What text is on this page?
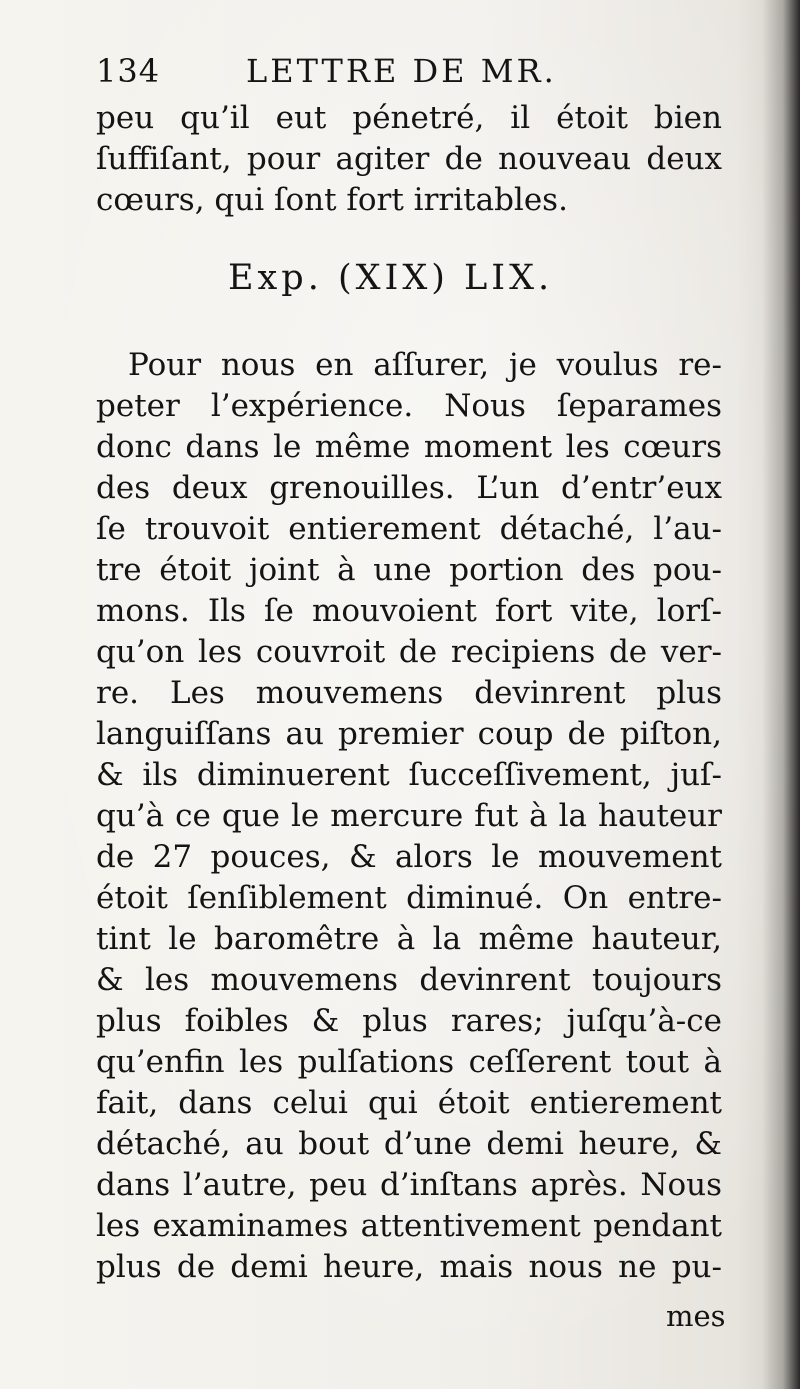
134	LETTRE DE MR.
peu qu’il eut pénetré, il étoit bien
ſuffiſant, pour agiter de nouveau deux
cœurs, qui ſont fort irritables.
Exp. (XIX) LIX.
Pour nous en aſſurer, je voulus re-
peter l’expérience. Nous ſeparames
donc dans le même moment les cœurs
des deux grenouilles. L’un d’entr’eux
ſe trouvoit entierement détaché, l’au-
tre étoit joint à une portion des pou-
mons. Ils ſe mouvoient fort vite, lorſ-
qu’on les couvroit de recipiens de ver-
re. Les mouvemens devinrent plus
languiſſans au premier coup de piſton,
& ils diminuerent ſucceſſivement, juſ-
qu’à ce que le mercure fut à la hauteur
de 27 pouces, & alors le mouvement
étoit ſenſiblement diminué. On entre-
tint le baromêtre à la même hauteur,
& les mouvemens devinrent toujours
plus foibles & plus rares; juſqu’à-ce
qu’enfin les pulſations ceſſerent tout à
fait, dans celui qui étoit entierement
détaché, au bout d’une demi heure, &
dans l’autre, peu d’inſtans après. Nous
les examinames attentivement pendant
plus de demi heure, mais nous ne pu-
mes
